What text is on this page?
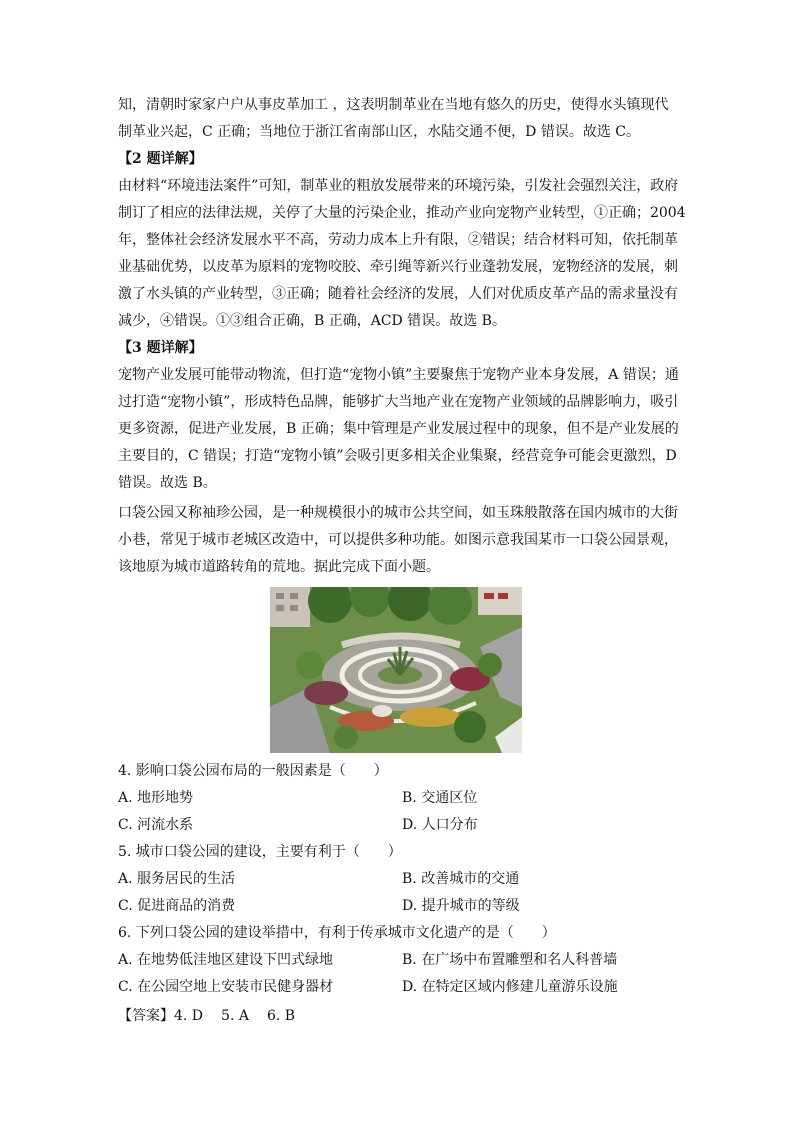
知，清朝时家家户户从事皮革加工 ，这表明制革业在当地有悠久的历史，使得水头镇现代
制革业兴起，C 正确；当地位于浙江省南部山区，水陆交通不便，D 错误。故选 C。
【2 题详解】
由材料“环境违法案件”可知，制革业的粗放发展带来的环境污染，引发社会强烈关注，政府
制订了相应的法律法规，关停了大量的污染企业，推动产业向宠物产业转型，①正确；2004
年，整体社会经济发展水平不高，劳动力成本上升有限，②错误；结合材料可知，依托制革
业基础优势，以皮革为原料的宠物咬胶、牵引绳等新兴行业蓬勃发展，宠物经济的发展，刺
激了水头镇的产业转型，③正确；随着社会经济的发展，人们对优质皮革产品的需求量没有
减少，④错误。①③组合正确，B 正确，ACD 错误。故选 B。
【3 题详解】
宠物产业发展可能带动物流，但打造“宠物小镇”主要聚焦于宠物产业本身发展，A 错误；通
过打造“宠物小镇”，形成特色品牌，能够扩大当地产业在宠物产业领域的品牌影响力，吸引
更多资源，促进产业发展，B 正确；集中管理是产业发展过程中的现象，但不是产业发展的
主要目的，C 错误；打造“宠物小镇”会吸引更多相关企业集聚，经营竞争可能会更激烈，D
错误。故选 B。
口袋公园又称袖珍公园，是一种规模很小的城市公共空间，如玉珠般散落在国内城市的大街
小巷，常见于城市老城区改造中，可以提供多种功能。如图示意我国某市一口袋公园景观，
该地原为城市道路转角的荒地。据此完成下面小题。
4. 影响口袋公园布局的一般因素是（　　）
A. 地形地势	B. 交通区位
C. 河流水系	D. 人口分布
5. 城市口袋公园的建设，主要有利于（　　）
A. 服务居民的生活	B. 改善城市的交通
C. 促进商品的消费	D. 提升城市的等级
6. 下列口袋公园的建设举措中，有利于传承城市文化遗产的是（　　）
A. 在地势低洼地区建设下凹式绿地	B. 在广场中布置雕塑和名人科普墙
C. 在公园空地上安装市民健身器材	D. 在特定区域内修建儿童游乐设施
【答案】4. D 5. A 6. B
